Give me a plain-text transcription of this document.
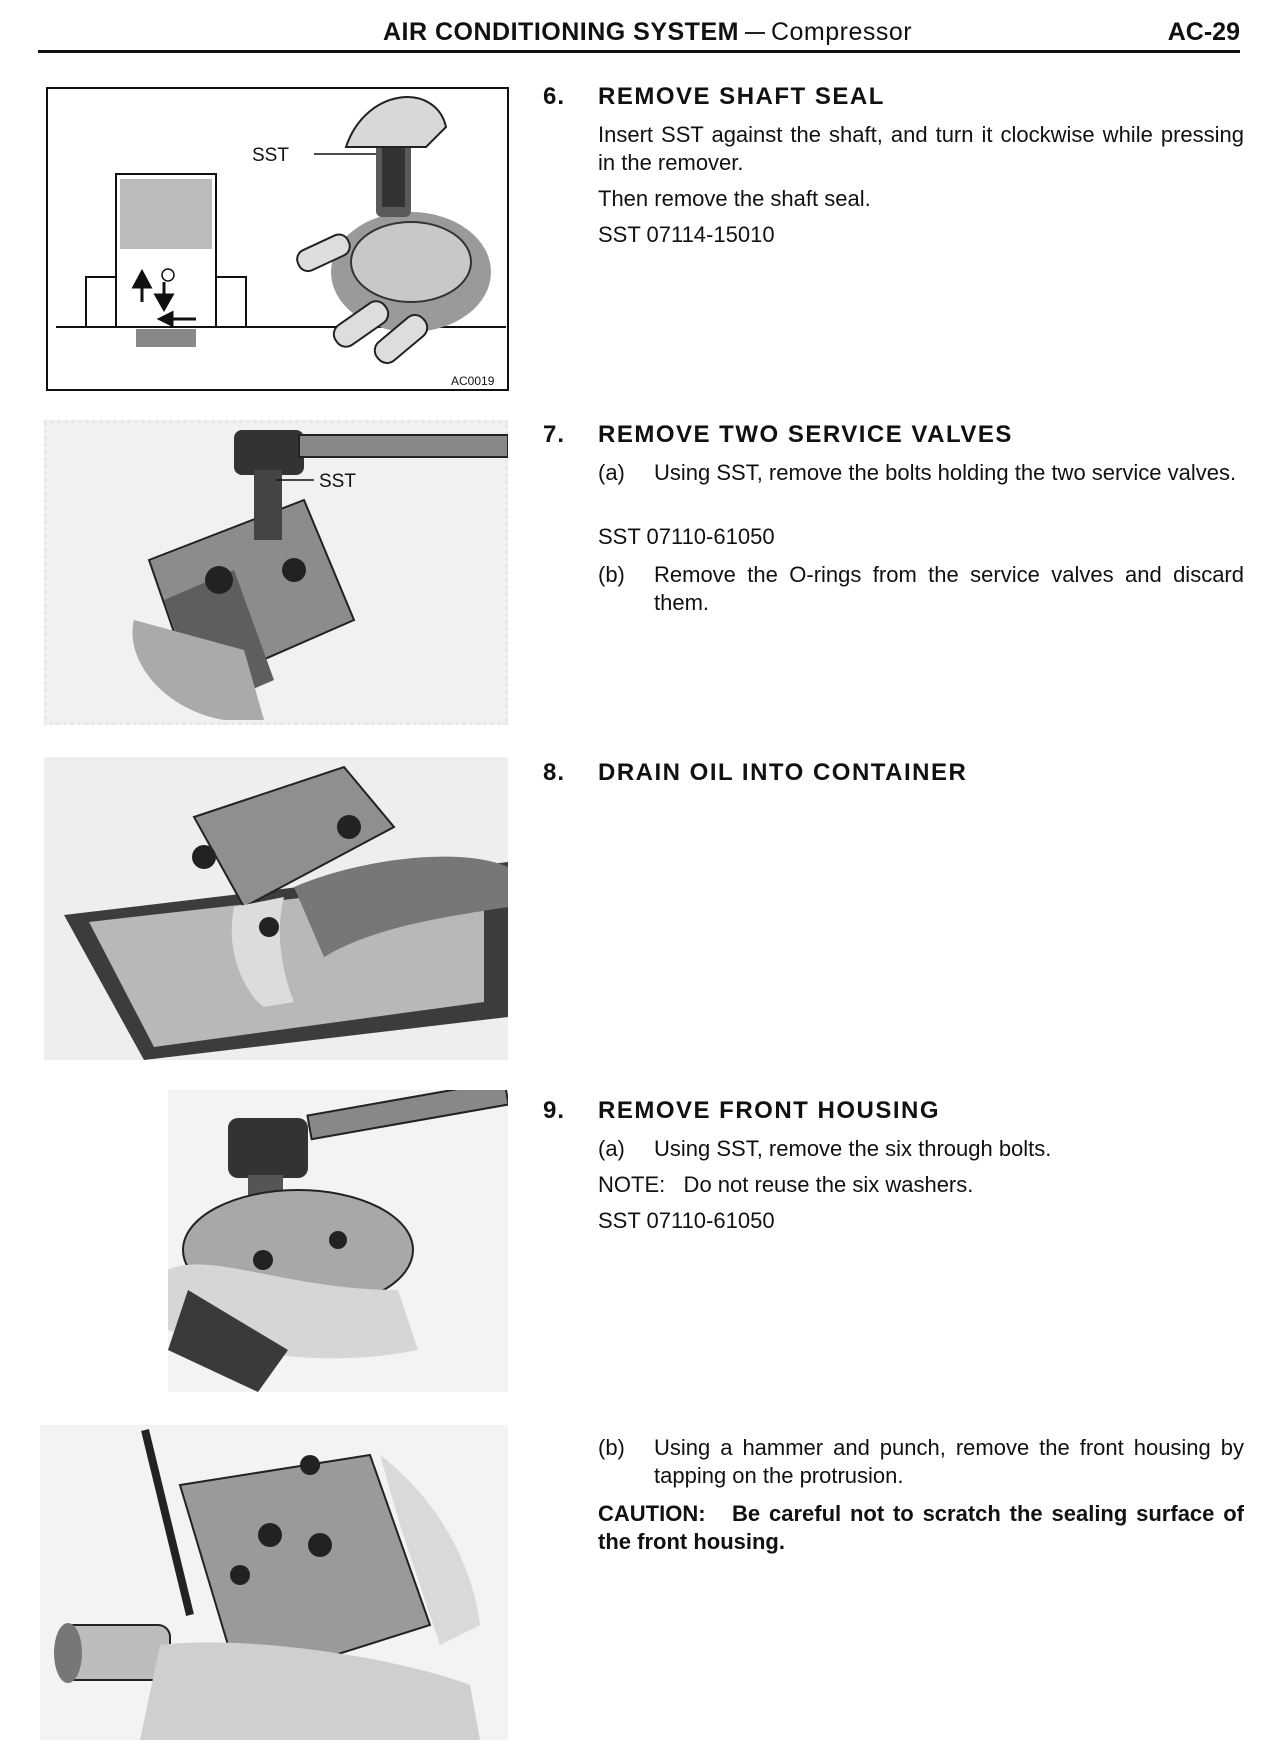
AIR CONDITIONING SYSTEM Compressor	AC-29
SST
AC0019
SST
6. REMOVE SHAFT SEAL
Insert SST against the shaft, and turn it clockwise while pressing in the remover.
Then remove the shaft seal.
SST 07114-15010
7. REMOVE TWO SERVICE VALVES
(a) Using SST, remove the bolts holding the two service valves.
SST 07110-61050
(b) Remove the O-rings from the service valves and discard them.
8. DRAIN OIL INTO CONTAINER
9. REMOVE FRONT HOUSING
(a) Using SST, remove the six through bolts.
NOTE:   Do not reuse the six washers.
SST 07110-61050
(b) Using a hammer and punch, remove the front housing by tapping on the protrusion.
CAUTION:   Be careful not to scratch the sealing surface of the front housing.
